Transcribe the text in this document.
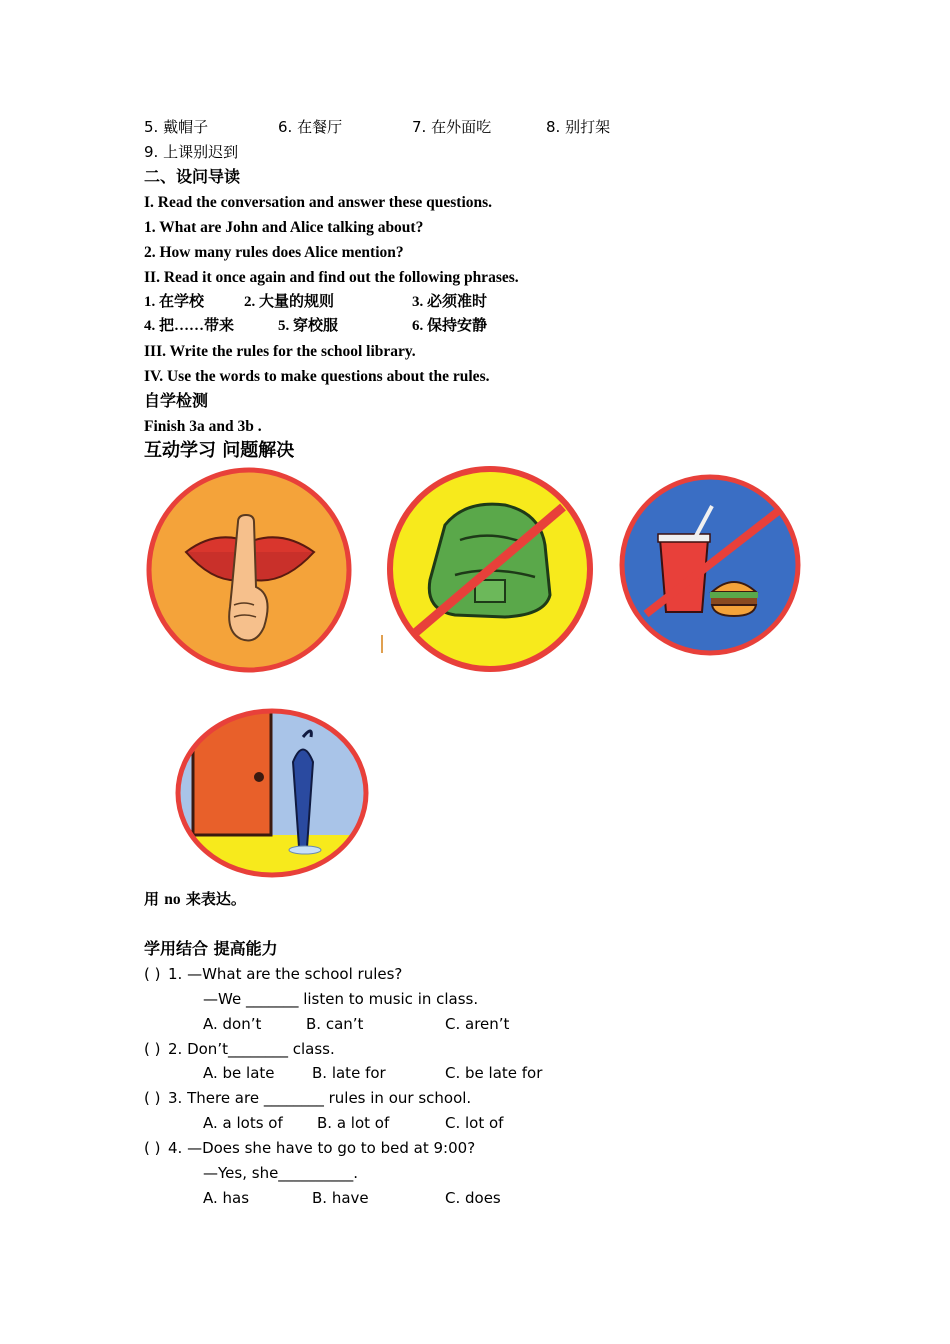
5. 戴帽子	6. 在餐厅	7. 在外面吃	8. 别打架
9. 上课别迟到
二、设问导读
I. Read the conversation and answer these questions.
1. What are John and Alice talking about?
2. How many rules does Alice mention?
II. Read it once again and find out the following phrases.
1. 在学校	2. 大量的规则	3. 必须准时
4. 把……带来	5. 穿校服	6. 保持安静
III. Write the rules for the school library.
IV. Use the words to make questions about the rules.
自学检测
Finish 3a and 3b .
互动学习 问题解决
用 no 来表达。
学用结合 提高能力
( ) 1. —What are the school rules?
—We _______ listen to music in class.
A. don’t	B. can’t	C. aren’t
( ) 2. Don’t________ class.
A. be late B. late for	C. be late for
( ) 3. There are ________ rules in our school.
A. a lots of B. a lot of	C. lot of
( ) 4. —Does she have to go to bed at 9:00?
—Yes, she__________.
A. has	B. have	C. does
